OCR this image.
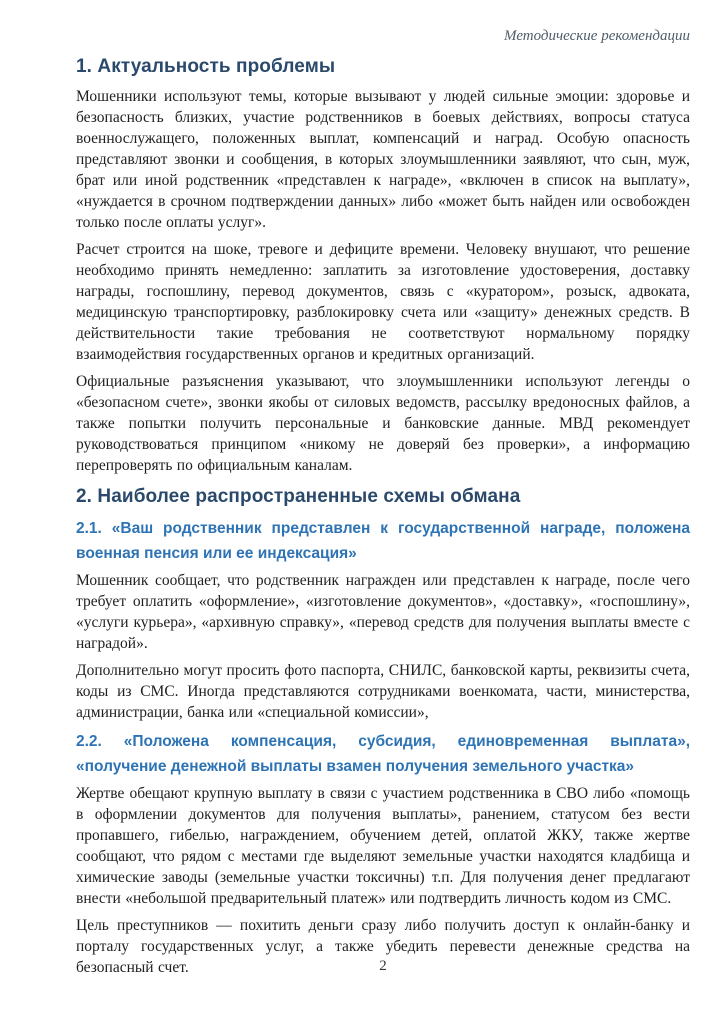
Методические рекомендации
1. Актуальность проблемы

Мошенники используют темы, которые вызывают у людей сильные эмоции: здоровье и безопасность близких, участие родственников в боевых действиях, вопросы статуса военнослужащего, положенных выплат, компенсаций и наград. Особую опасность представляют звонки и сообщения, в которых злоумышленники заявляют, что сын, муж, брат или иной родственник «представлен к награде», «включен в список на выплату», «нуждается в срочном подтверждении данных» либо «может быть найден или освобожден только после оплаты услуг».

Расчет строится на шоке, тревоге и дефиците времени. Человеку внушают, что решение необходимо принять немедленно: заплатить за изготовление удостоверения, доставку награды, госпошлину, перевод документов, связь с «куратором», розыск, адвоката, медицинскую транспортировку, разблокировку счета или «защиту» денежных средств. В действительности такие требования не соответствуют нормальному порядку взаимодействия государственных органов и кредитных организаций.

Официальные разъяснения указывают, что злоумышленники используют легенды о «безопасном счете», звонки якобы от силовых ведомств, рассылку вредоносных файлов, а также попытки получить персональные и банковские данные. МВД рекомендует руководствоваться принципом «никому не доверяй без проверки», а информацию перепроверять по официальным каналам.

2. Наиболее распространенные схемы обмана
2.1. «Ваш родственник представлен к государственной награде, положена военная пенсия или ее индексация»

Мошенник сообщает, что родственник награжден или представлен к награде, после чего требует оплатить «оформление», «изготовление документов», «доставку», «госпошлину», «услуги курьера», «архивную справку», «перевод средств для получения выплаты вместе с наградой».

Дополнительно могут просить фото паспорта, СНИЛС, банковской карты, реквизиты счета, коды из СМС. Иногда представляются сотрудниками военкомата, части, министерства, администрации, банка или «специальной комиссии»,

2.2. «Положена компенсация, субсидия, единовременная выплата», «получение денежной выплаты взамен получения земельного участка»

Жертве обещают крупную выплату в связи с участием родственника в СВО либо «помощь в оформлении документов для получения выплаты», ранением, статусом без вести пропавшего, гибелью, награждением, обучением детей, оплатой ЖКУ, также жертве сообщают, что рядом с местами где выделяют земельные участки находятся кладбища и химические заводы (земельные участки токсичны) т.п. Для получения денег предлагают внести «небольшой предварительный платеж» или подтвердить личность кодом из СМС.

Цель преступников — похитить деньги сразу либо получить доступ к онлайн-банку и порталу государственных услуг, а также убедить перевести денежные средства на безопасный счет.	2
